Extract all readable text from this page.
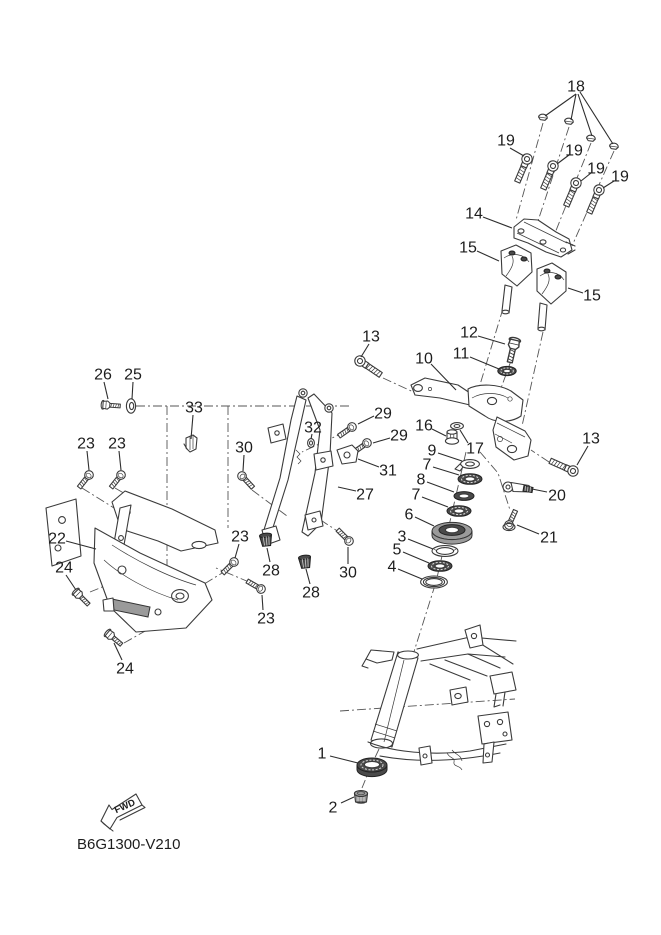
FWD
B6G1300-V210
18
19
19
19 19
14
15
15
13	12
11
10
26 25
33	29
29
32	16
17
23 23	30	9
31 7
8
7
27
6
20
3
5
4
13
21
22	23
24	28
28
30
23
24
1
2
